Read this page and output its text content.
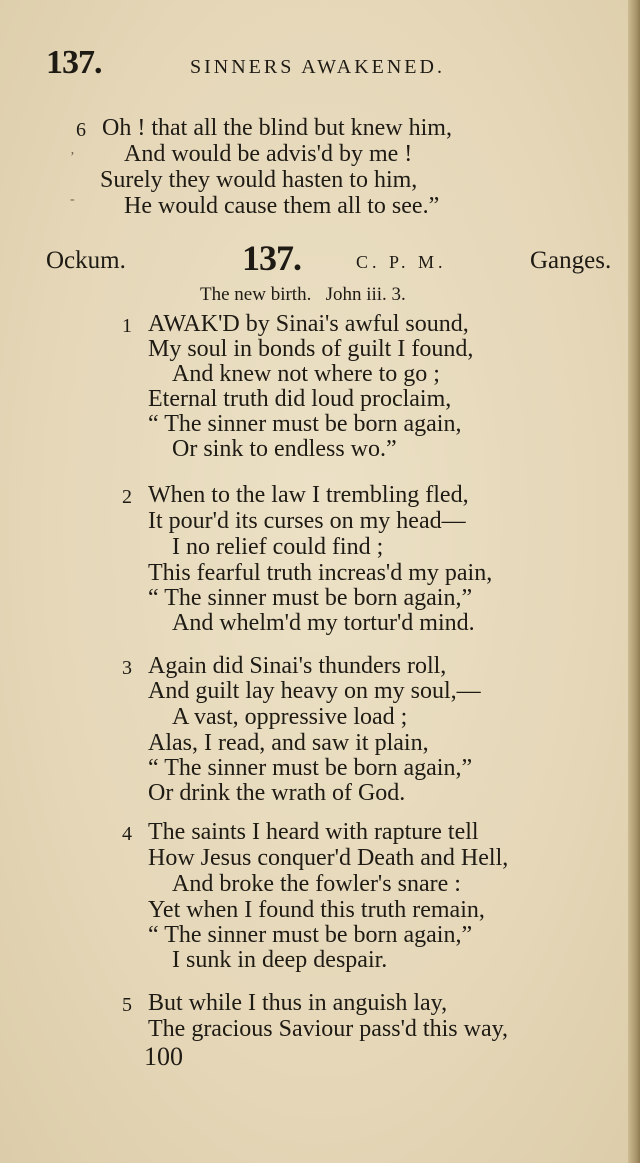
137.	SINNERS AWAKENED.
6 Oh ! that all the blind but knew him,
And would be advis'd by me !
Surely they would hasten to him,
He would cause them all to see.”
’
-
Ockum.	137.	C. P. M.	Ganges.
The new birth.   John iii. 3.
1 AWAK'D by Sinai's awful sound,
My soul in bonds of guilt I found,
And knew not where to go ;
Eternal truth did loud proclaim,
“ The sinner must be born again,
Or sink to endless wo.”
2 When to the law I trembling fled,
It pour'd its curses on my head—
I no relief could find ;
This fearful truth increas'd my pain,
“ The sinner must be born again,”
And whelm'd my tortur'd mind.
3 Again did Sinai's thunders roll,
And guilt lay heavy on my soul,—
A vast, oppressive load ;
Alas, I read, and saw it plain,
“ The sinner must be born again,”
Or drink the wrath of God.
4 The saints I heard with rapture tell
How Jesus conquer'd Death and Hell,
And broke the fowler's snare :
Yet when I found this truth remain,
“ The sinner must be born again,”
I sunk in deep despair.
5 But while I thus in anguish lay,
The gracious Saviour pass'd this way,
100
